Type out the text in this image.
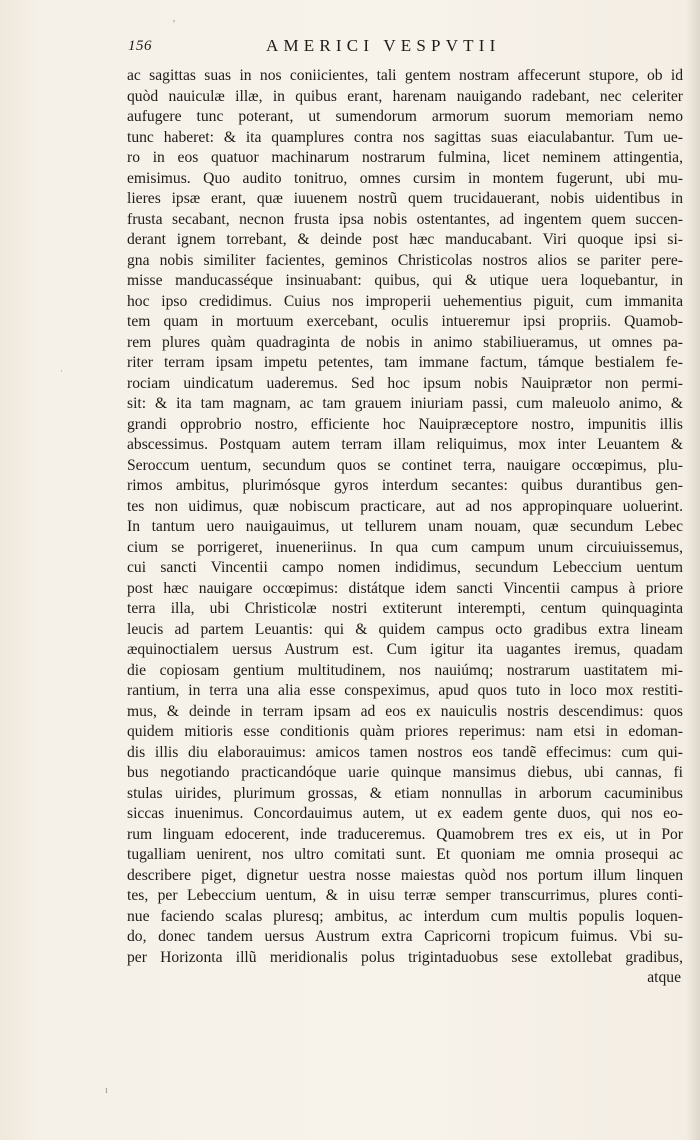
ʼ
·
ı
156	AMERICI VESPVTII
ac sagittas suas in nos coniicientes, tali gentem nostram affecerunt stupore, ob id
quòd nauiculæ illæ, in quibus erant, harenam nauigando radebant, nec celeriter
aufugere tunc poterant, ut sumendorum armorum suorum memoriam nemo
tunc haberet: & ita quamplures contra nos sagittas suas eiaculabantur. Tum ue-
ro in eos quatuor machinarum nostrarum fulmina, licet neminem attingentia,
emisimus. Quo audito tonitruo, omnes cursim in montem fugerunt, ubi mu-
lieres ipsæ erant, quæ iuuenem nostrũ quem trucidauerant, nobis uidentibus in
frusta secabant, necnon frusta ipsa nobis ostentantes, ad ingentem quem succen-
derant ignem torrebant, & deinde post hæc manducabant. Viri quoque ipsi si-
gna nobis similiter facientes, geminos Christicolas nostros alios se pariter pere-
misse manducasséque insinuabant: quibus, qui & utique uera loquebantur, in
hoc ipso credidimus. Cuius nos improperii uehementius piguit, cum immanita
tem quam in mortuum exercebant, oculis intueremur ipsi propriis. Quamob-
rem plures quàm quadraginta de nobis in animo stabiliueramus, ut omnes pa-
riter terram ipsam impetu petentes, tam immane factum, támque bestialem fe-
rociam uindicatum uaderemus. Sed hoc ipsum nobis Nauiprætor non permi-
sit: & ita tam magnam, ac tam grauem iniuriam passi, cum maleuolo animo, &
grandi opprobrio nostro, efficiente hoc Nauipræceptore nostro, impunitis illis
abscessimus. Postquam autem terram illam reliquimus, mox inter Leuantem &
Seroccum uentum, secundum quos se continet terra, nauigare occœpimus, plu-
rimos ambitus, plurimósque gyros interdum secantes: quibus durantibus gen-
tes non uidimus, quæ nobiscum practicare, aut ad nos appropinquare uoluerint.
In tantum uero nauigauimus, ut tellurem unam nouam, quæ secundum Lebec
cium se porrigeret, inueneriinus. In qua cum campum unum circuiuissemus,
cui sancti Vincentii campo nomen indidimus, secundum Lebeccium uentum
post hæc nauigare occœpimus: distátque idem sancti Vincentii campus à priore
terra illa, ubi Christicolæ nostri extiterunt interempti, centum quinquaginta
leucis ad partem Leuantis: qui & quidem campus octo gradibus extra lineam
æquinoctialem uersus Austrum est. Cum igitur ita uagantes iremus, quadam
die copiosam gentium multitudinem, nos nauiúmq; nostrarum uastitatem mi-
rantium, in terra una alia esse conspeximus, apud quos tuto in loco mox restiti-
mus, & deinde in terram ipsam ad eos ex nauiculis nostris descendimus: quos
quidem mitioris esse conditionis quàm priores reperimus: nam etsi in edoman-
dis illis diu elaborauimus: amicos tamen nostros eos tandẽ effecimus: cum qui-
bus negotiando practicandóque uarie quinque mansimus diebus, ubi cannas, fi
stulas uirides, plurimum grossas, & etiam nonnullas in arborum cacuminibus
siccas inuenimus. Concordauimus autem, ut ex eadem gente duos, qui nos eo-
rum linguam edocerent, inde traduceremus. Quamobrem tres ex eis, ut in Por
tugalliam uenirent, nos ultro comitati sunt. Et quoniam me omnia prosequi ac
describere piget, dignetur uestra nosse maiestas quòd nos portum illum linquen
tes, per Lebeccium uentum, & in uisu terræ semper transcurrimus, plures conti-
nue faciendo scalas pluresq; ambitus, ac interdum cum multis populis loquen-
do, donec tandem uersus Austrum extra Capricorni tropicum fuimus. Vbi su-
per Horizonta illũ meridionalis polus trigintaduobus sese extollebat gradibus,
atque
